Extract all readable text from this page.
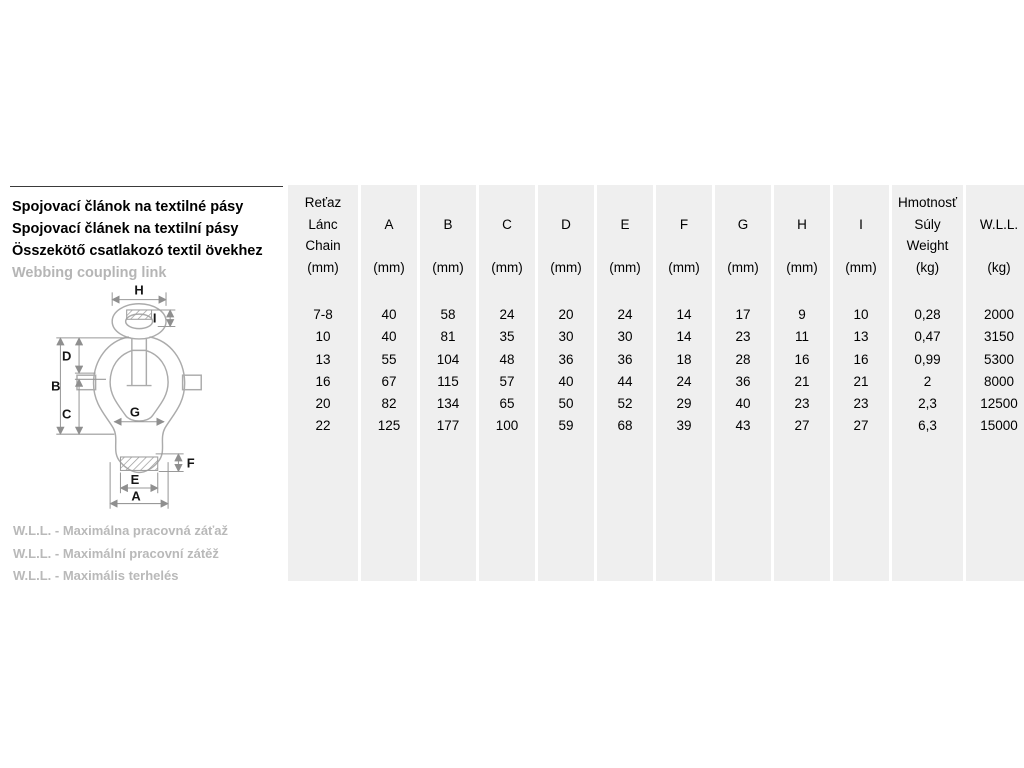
Spojovací článok na textilné pásy
Spojovací článek na textilní pásy
Összekötő csatlakozó textil övekhez
Webbing coupling link
H
I
D
B
C	G
F
E
A
W.L.L. - Maximálna pracovná záťaž
W.L.L. - Maximální pracovní zátěž
W.L.L. - Maximális terhelés
Reťaz
Lánc
Chain
(mm)
7-8
10
13
16
20
22
A
(mm)
40
40
55
67
82
125
B
(mm)
58
81
104
115
134
177
C
(mm)
24
35
48
57
65
100
D
(mm)
20
30
36
40
50
59
E
(mm)
24
30
36
44
52
68
F
(mm)
14
14
18
24
29
39
G
(mm)
17
23
28
36
40
43
H
(mm)
9
11
16
21
23
27
I
(mm)
10
13
16
21
23
27
Hmotnosť
Súly
Weight
(kg)
0,28
0,47
0,99
2
2,3
6,3
W.L.L.
(kg)
2000
3150
5300
8000
12500
15000
